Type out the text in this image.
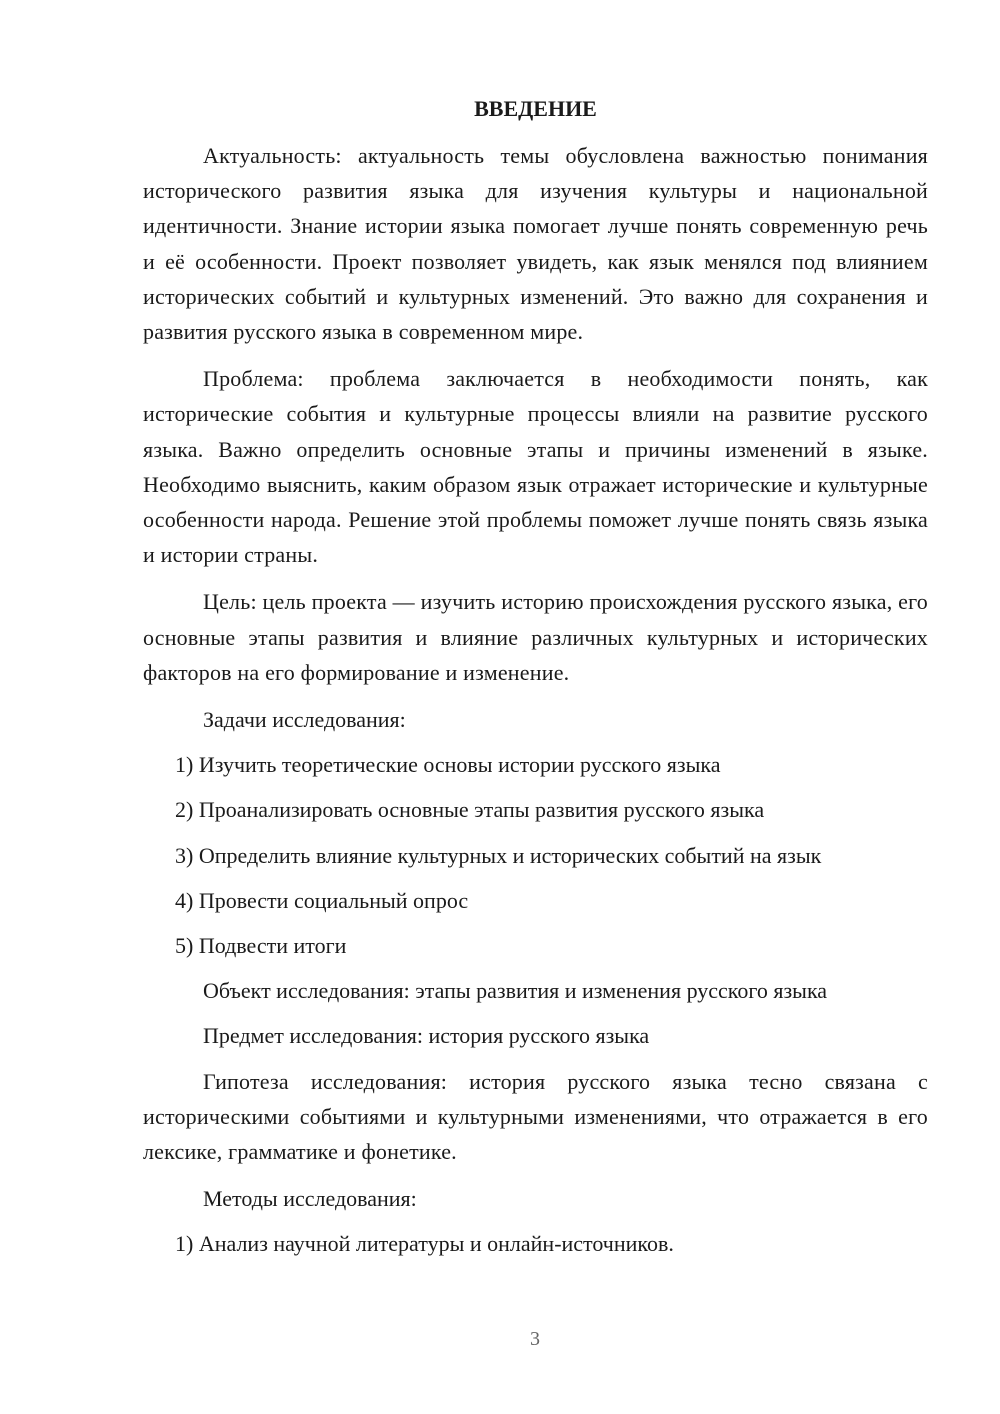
ВВЕДЕНИЕ

Актуальность: актуальность темы обусловлена важностью понимания исторического развития языка для изучения культуры и национальной идентичности. Знание истории языка помогает лучше понять современную речь и её особенности. Проект позволяет увидеть, как язык менялся под влиянием исторических событий и культурных изменений. Это важно для сохранения и развития русского языка в современном мире.

Проблема: проблема заключается в необходимости понять, как исторические события и культурные процессы влияли на развитие русского языка. Важно определить основные этапы и причины изменений в языке. Необходимо выяснить, каким образом язык отражает исторические и культурные особенности народа. Решение этой проблемы поможет лучше понять связь языка и истории страны.

Цель: цель проекта — изучить историю происхождения русского языка, его основные этапы развития и влияние различных культурных и исторических факторов на его формирование и изменение.

Задачи исследования:
1) Изучить теоретические основы истории русского языка
2) Проанализировать основные этапы развития русского языка
3) Определить влияние культурных и исторических событий на язык
4) Провести социальный опрос
5) Подвести итоги
Объект исследования: этапы развития и изменения русского языка
Предмет исследования: история русского языка

Гипотеза исследования: история русского языка тесно связана с историческими событиями и культурными изменениями, что отражается в его лексике, грамматике и фонетике.

Методы исследования:
1) Анализ научной литературы и онлайн-источников.
3
